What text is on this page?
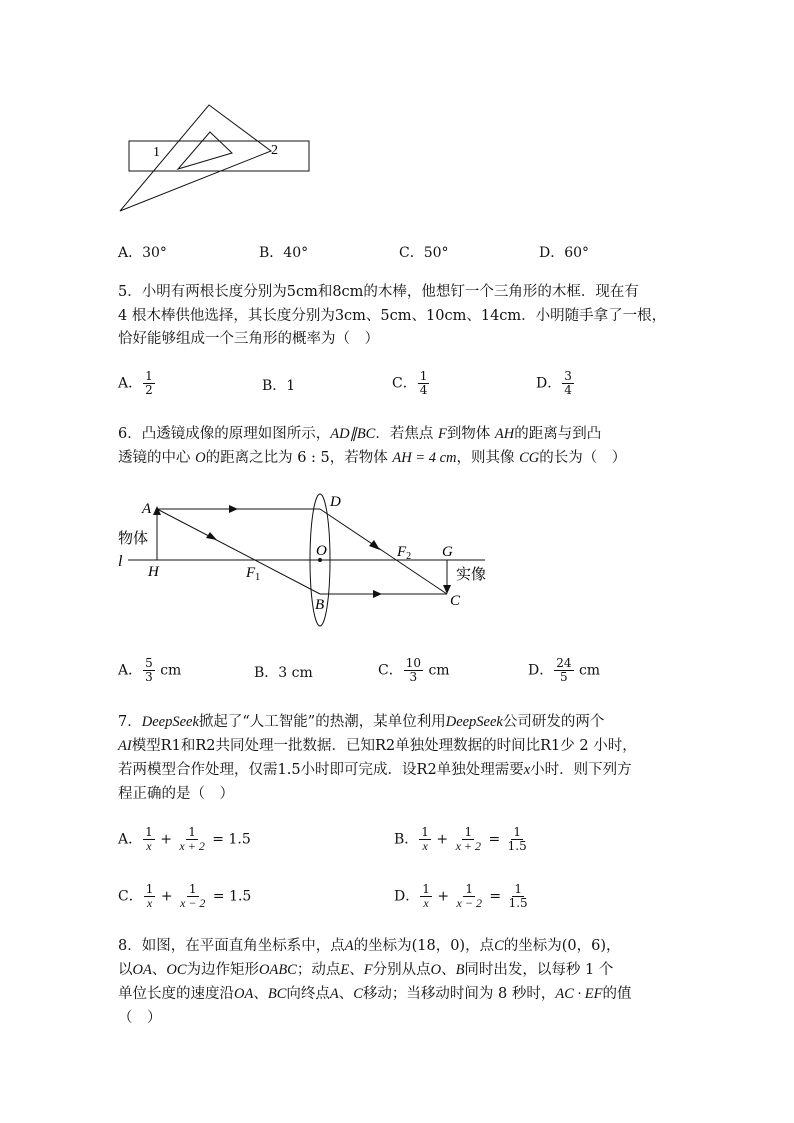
1	2
A．30°	B．40°	C．50°	D．60°
5．小明有两根长度分别为5cm和8cm的木棒，他想钉一个三角形的木框．现在有
4 根木棒供他选择，其长度分别为3cm、5cm、10cm、14cm．小明随手拿了一根，
恰好能够组成一个三角形的概率为（　）
A． $\frac{1}{2}$	B．1	C． $\frac{1}{4}$	D． $\frac{3}{4}$
6．凸透镜成像的原理如图所示，AD∥BC．若焦点 F到物体 AH的距离与到凸
透镜的中心 O的距离之比为 6 : 5，若物体 AH = 4 cm，则其像 CG的长为（　）
A	D
O	$F_2$ G
物体
l
H	$F_1$	实像
B	C
A． $\frac{5}{3}$ cm	B．3 cm	C． $\frac{10}{3}$ cm	D． $\frac{24}{5}$ cm
7．DeepSeek掀起了“人工智能”的热潮，某单位利用DeepSeek公司研发的两个
AI模型R1和R2共同处理一批数据．已知R2单独处理数据的时间比R1少 2 小时，
若两模型合作处理，仅需1.5小时即可完成．设R2单独处理需要x小时．则下列方
程正确的是（　）
A． $\frac{1}{x} + \frac{1}{x + 2} = 1.5$	B． $\frac{1}{x} + \frac{1}{x + 2} = \frac{1}{1.5}$
C． $\frac{1}{x} + \frac{1}{x - 2} = 1.5$	D． $\frac{1}{x} + \frac{1}{x - 2} = \frac{1}{1.5}$
8．如图，在平面直角坐标系中，点A的坐标为(18，0)，点C的坐标为(0，6)，
以OA、OC为边作矩形OABC；动点E、F分别从点O、B同时出发，以每秒 1 个
单位长度的速度沿OA、BC向终点A、C移动；当移动时间为 8 秒时，AC · EF的值
（　）
